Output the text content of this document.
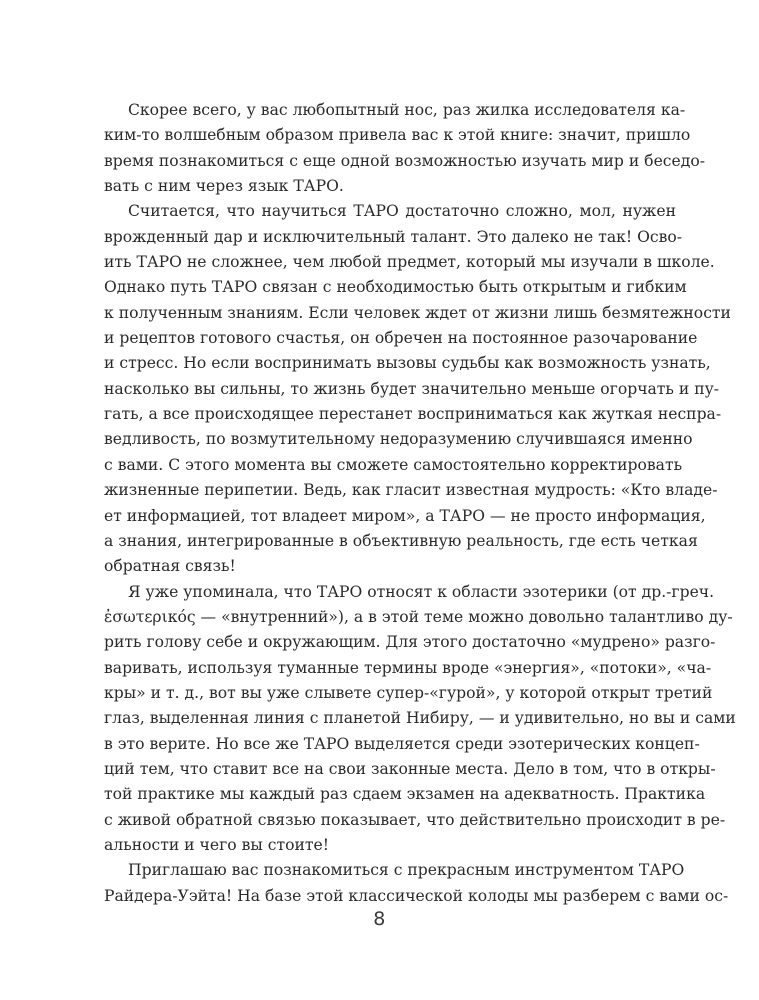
Скорее всего, у вас любопытный нос, раз жилка исследователя ка-
ким-то волшебным образом привела вас к этой книге: значит, пришло
время познакомиться с еще одной возможностью изучать мир и беседо-
вать с ним через язык ТАРО.
Считается, что научиться ТАРО достаточно сложно, мол, нужен
врожденный дар и исключительный талант. Это далеко не так! Осво-
ить ТАРО не сложнее, чем любой предмет, который мы изучали в школе.
Однако путь ТАРО связан с необходимостью быть открытым и гибким
к полученным знаниям. Если человек ждет от жизни лишь безмятежности
и рецептов готового счастья, он обречен на постоянное разочарование
и стресс. Но если воспринимать вызовы судьбы как возможность узнать,
насколько вы сильны, то жизнь будет значительно меньше огорчать и пу-
гать, а все происходящее перестанет восприниматься как жуткая неспра-
ведливость, по возмутительному недоразумению случившаяся именно
с вами. С этого момента вы сможете самостоятельно корректировать
жизненные перипетии. Ведь, как гласит известная мудрость: «Кто владе-
ет информацией, тот владеет миром», а ТАРО — не просто информация,
а знания, интегрированные в объективную реальность, где есть четкая
обратная связь!
Я уже упоминала, что ТАРО относят к области эзотерики (от др.-греч.
ἐσωτερικός — «внутренний»), а в этой теме можно довольно талантливо ду-
рить голову себе и окружающим. Для этого достаточно «мудрено» разго-
варивать, используя туманные термины вроде «энергия», «потоки», «ча-
кры» и т. д., вот вы уже слывете супер-«гурой», у которой открыт третий
глаз, выделенная линия с планетой Нибиру, — и удивительно, но вы и сами
в это верите. Но все же ТАРО выделяется среди эзотерических концеп-
ций тем, что ставит все на свои законные места. Дело в том, что в откры-
той практике мы каждый раз сдаем экзамен на адекватность. Практика
с живой обратной связью показывает, что действительно происходит в ре-
альности и чего вы стоите!
Приглашаю вас познакомиться с прекрасным инструментом ТАРО
Райдера-Уэйта! На базе этой классической колоды мы разберем с вами ос-
8
